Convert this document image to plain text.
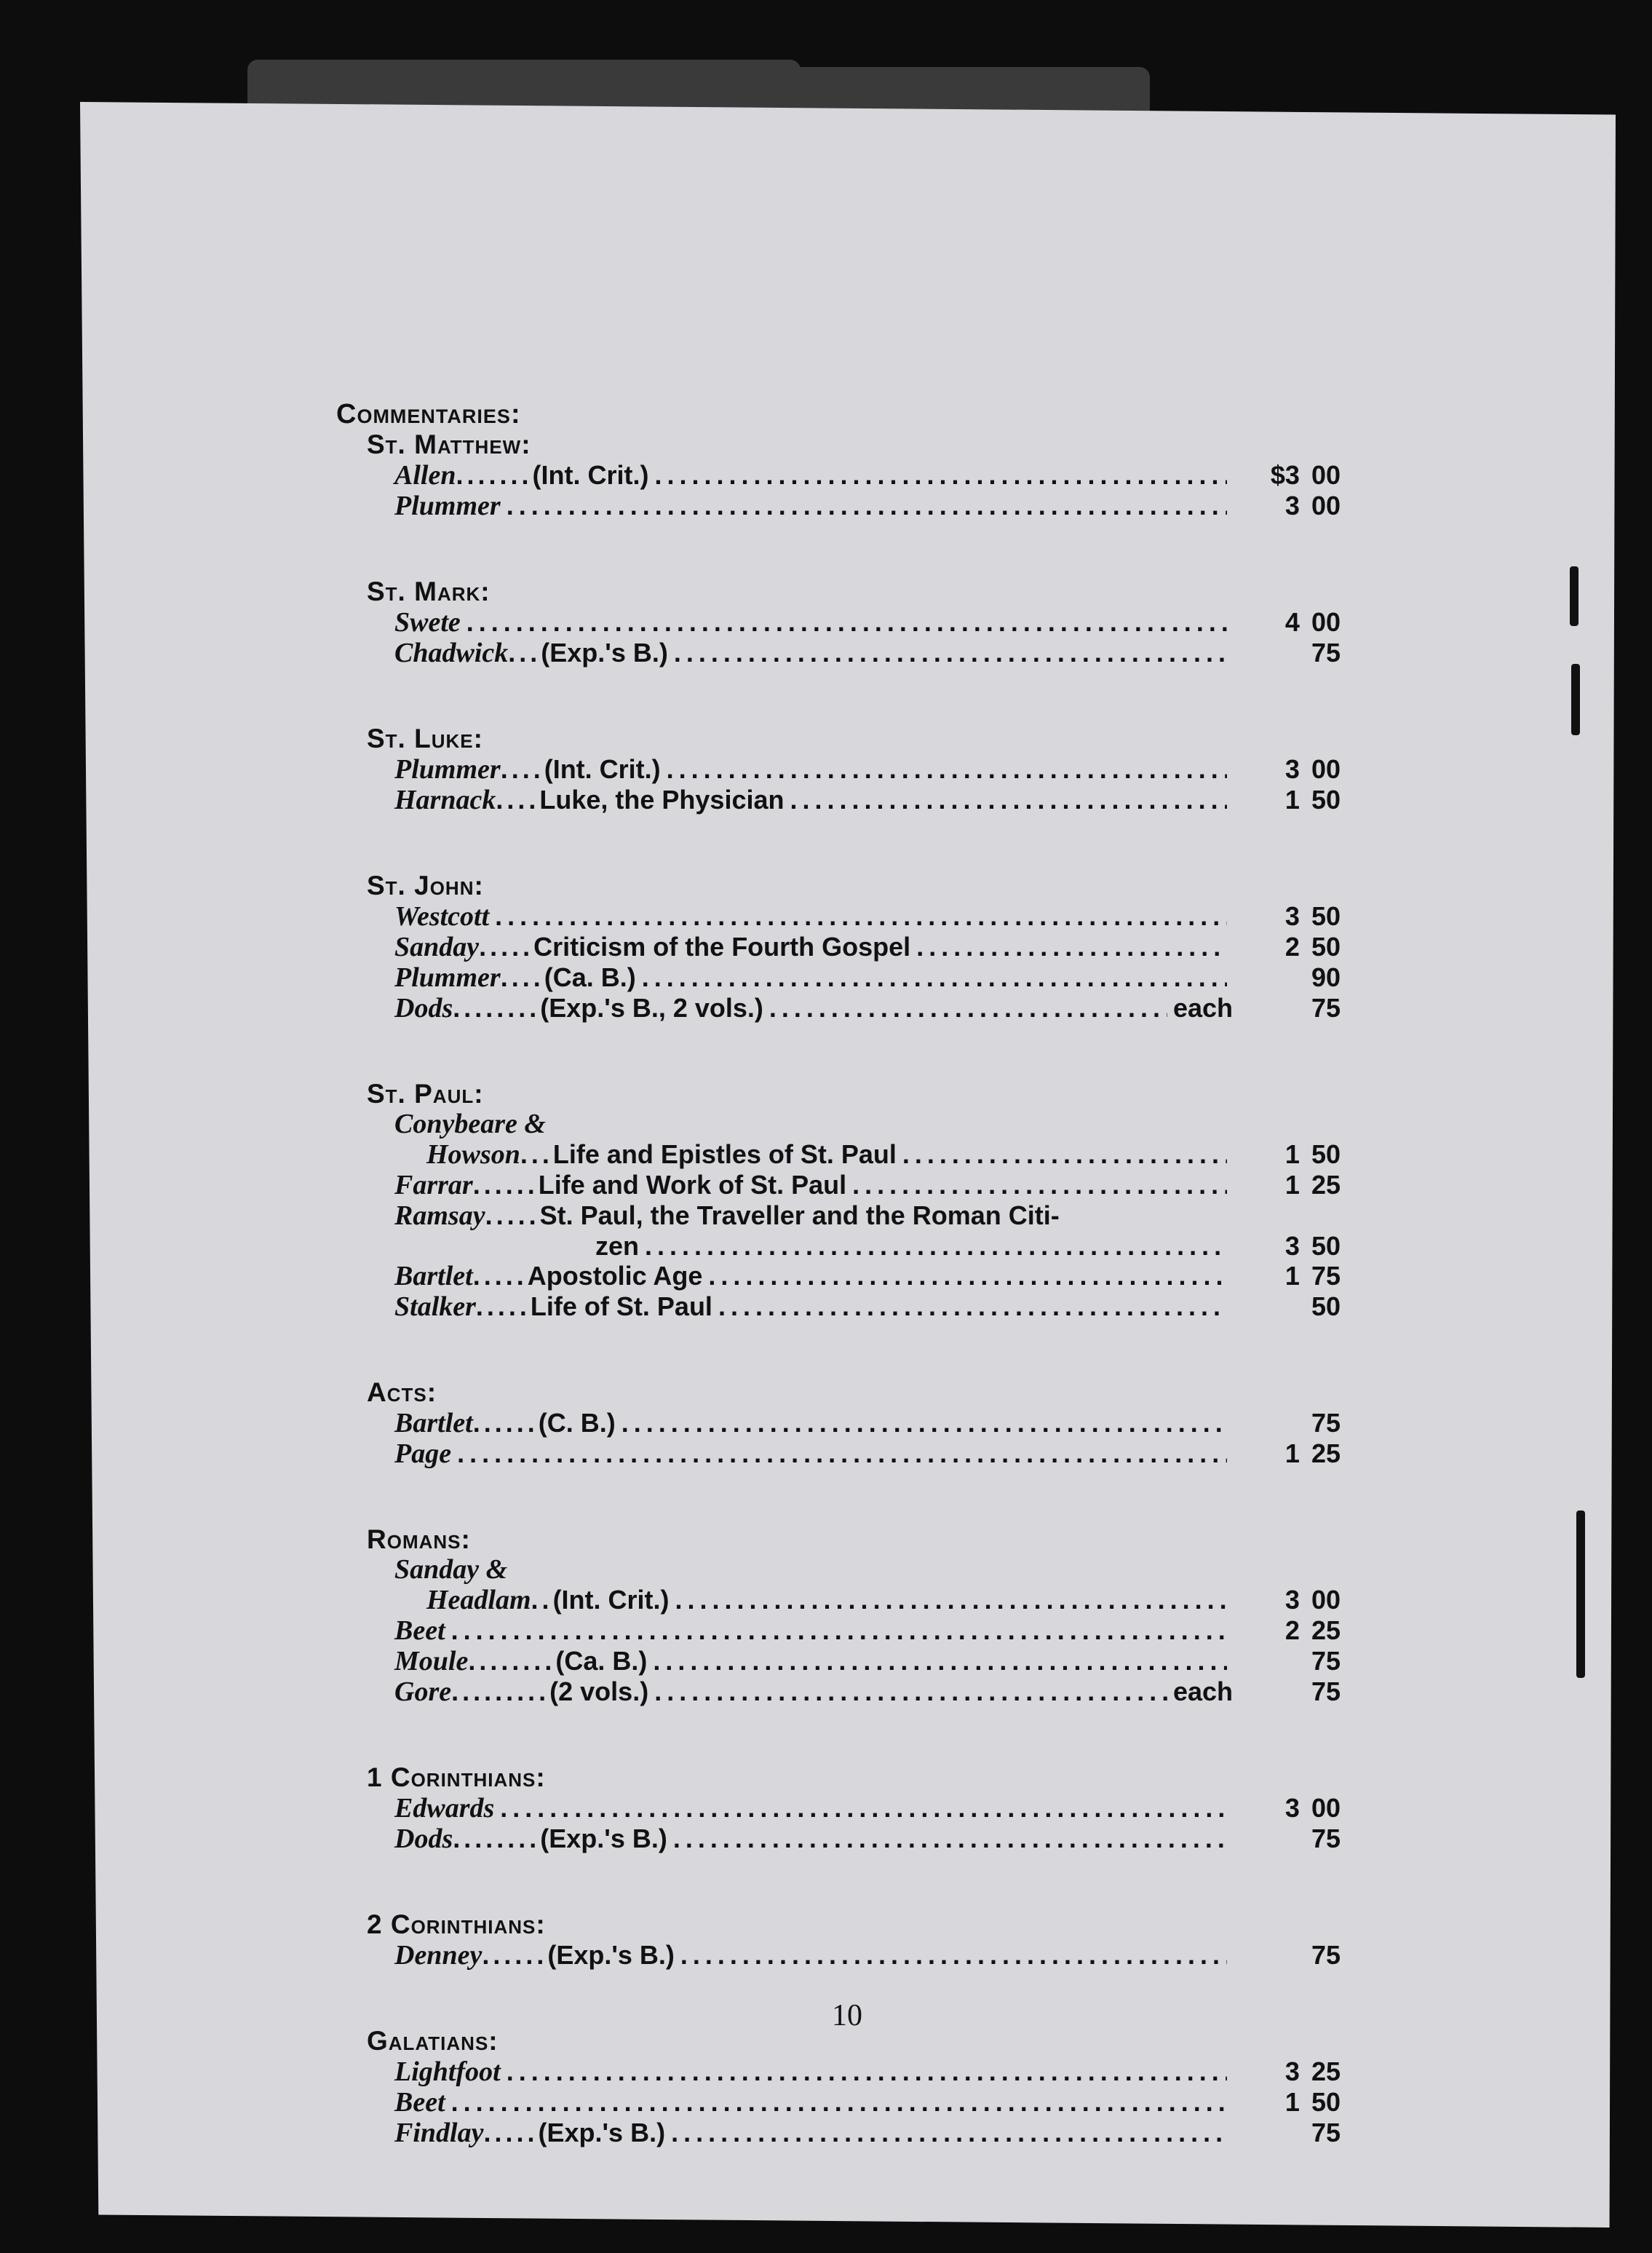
Commentaries:
St. Matthew:
Allen ....... (Int. Crit.) .....	$3 00
Plummer .....	3 00
St. Mark:
Swete .....	4 00
Chadwick ... (Exp.'s B.) .....	75
St. Luke:
Plummer .... (Int. Crit.) .....	3 00
Harnack .... Luke, the Physician .....	1 50
St. John:
Westcott .....	3 50
Sanday ..... Criticism of the Fourth Gospel .....	2 50
Plummer .... (Ca. B.) .....	90
Dods ........ (Exp.'s B., 2 vols.) .....	each	75
St. Paul:
Conybeare &
Howson ... Life and Epistles of St. Paul .....	1 50
Farrar ...... Life and Work of St. Paul .....	1 25
Ramsay ..... St. Paul, the Traveller and the Roman Citi-
zen .....	3 50
Bartlet ..... Apostolic Age .....	1 75
Stalker ..... Life of St. Paul .....	50
Acts:
Bartlet ...... (C. B.) .....	75
Page .....	1 25
Romans:
Sanday &
Headlam .. (Int. Crit.) .....	3 00
Beet .....	2 25
Moule ........ (Ca. B.) .....	75
Gore ......... (2 vols.) .....	each	75
1 Corinthians:
Edwards .....	3 00
Dods ........ (Exp.'s B.) .....	75
2 Corinthians:
Denney ...... (Exp.'s B.) .....	75
Galatians:
Lightfoot .....	3 25
Beet .....	1 50
Findlay ..... (Exp.'s B.) .....	75
10
